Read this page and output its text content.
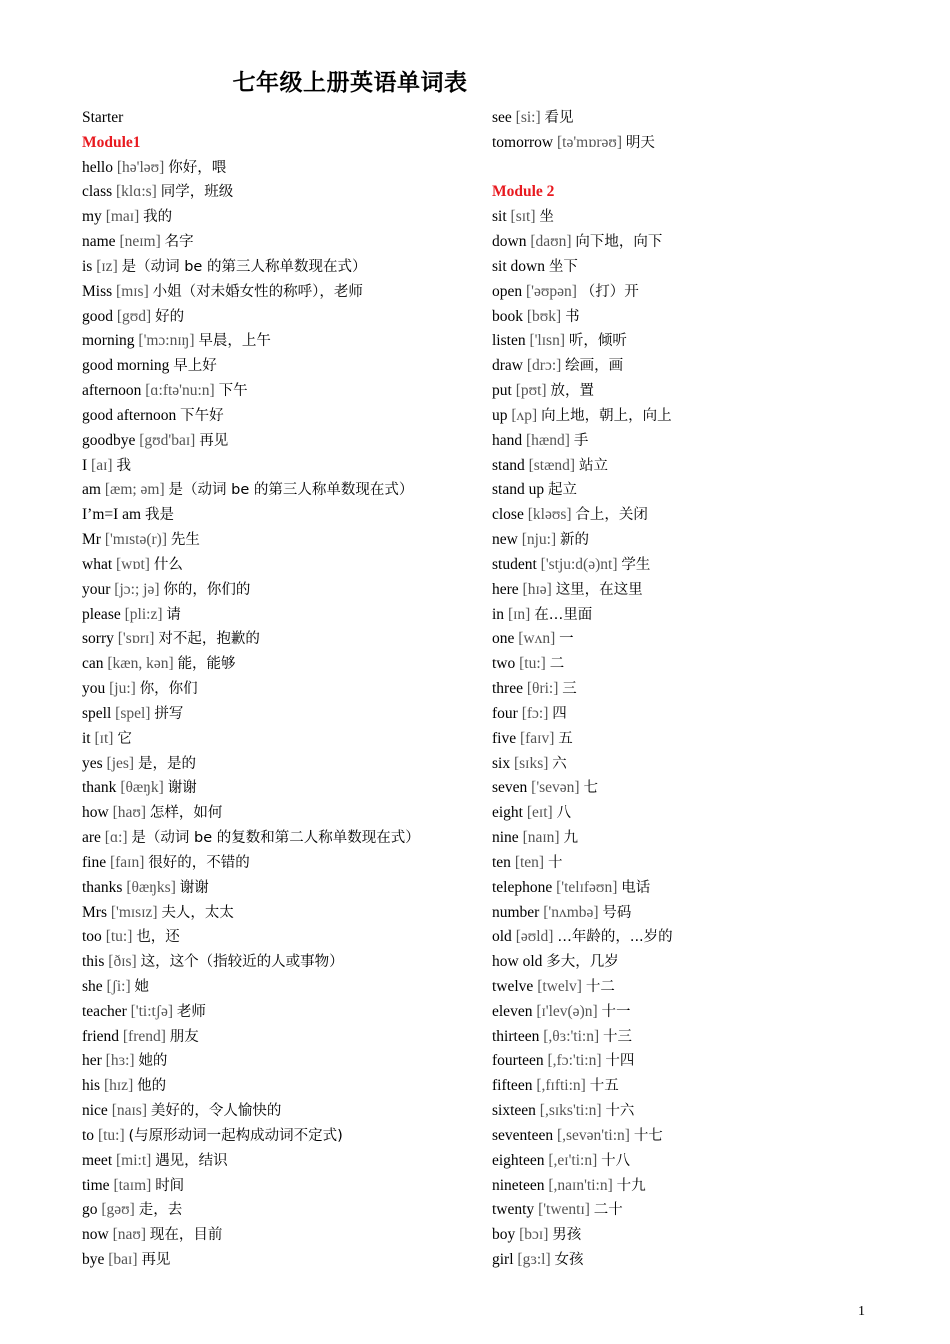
七年级上册英语单词表
Starter
Module1
hello [hə'ləʊ] 你好，喂
class [klɑ:s] 同学，班级
my [maɪ] 我的
name [neɪm] 名字
is [ɪz] 是（动词 be 的第三人称单数现在式）
Miss [mɪs] 小姐（对未婚女性的称呼），老师
good [gʊd] 好的
morning ['mɔ:nɪŋ] 早晨，上午
good morning 早上好
afternoon [ɑ:ftə'nu:n] 下午
good afternoon 下午好
goodbye [gʊd'baɪ] 再见
I [aɪ] 我
am [æm; əm] 是（动词 be 的第三人称单数现在式）
I’m=I am 我是
Mr ['mɪstə(r)] 先生
what [wɒt] 什么
your [jɔ:; jə] 你的，你们的
please [pli:z] 请
sorry ['sɒrɪ] 对不起，抱歉的
can [kæn, kən] 能，能够
you [ju:] 你，你们
spell [spel] 拼写
it [ɪt] 它
yes [jes] 是，是的
thank [θæŋk] 谢谢
how [haʊ] 怎样，如何
are [ɑ:] 是（动词 be 的复数和第二人称单数现在式）
fine [faɪn] 很好的，不错的
thanks [θæŋks] 谢谢
Mrs ['mɪsɪz] 夫人，太太
too [tu:] 也，还
this [ðɪs] 这，这个（指较近的人或事物）
she [ʃi:] 她
teacher ['ti:tʃə] 老师
friend [frend] 朋友
her [hɜ:] 她的
his [hɪz] 他的
nice [naɪs] 美好的，令人愉快的
to [tu:] (与原形动词一起构成动词不定式)
meet [mi:t] 遇见，结识
time [taɪm] 时间
go [gəʊ] 走，去
now [naʊ] 现在，目前
bye [baɪ] 再见
see [si:] 看见
tomorrow [tə'mɒrəʊ] 明天
Module 2
sit [sɪt] 坐
down [daʊn] 向下地，向下
sit down 坐下
open ['əʊpən] （打）开
book [bʊk] 书
listen ['lɪsn] 听，倾听
draw [drɔ:] 绘画，画
put [pʊt] 放，置
up [ʌp] 向上地，朝上，向上
hand [hænd] 手
stand [stænd] 站立
stand up 起立
close [kləʊs] 合上，关闭
new [nju:] 新的
student ['stju:d(ə)nt] 学生
here [hɪə] 这里，在这里
in [ɪn] 在…里面
one [wʌn] 一
two [tu:] 二
three [θri:] 三
four [fɔ:] 四
five [faɪv] 五
six [sɪks] 六
seven ['sevən] 七
eight [eɪt] 八
nine [naɪn] 九
ten [ten] 十
telephone ['telɪfəʊn] 电话
number ['nʌmbə] 号码
old [əʊld] …年龄的，...岁的
how old 多大，几岁
twelve [twelv] 十二
eleven [ɪ'lev(ə)n] 十一
thirteen [,θɜ:'ti:n] 十三
fourteen [,fɔ:'ti:n] 十四
fifteen [,fɪfti:n] 十五
sixteen [,sɪks'ti:n] 十六
seventeen [,sevən'ti:n] 十七
eighteen [,eɪ'ti:n] 十八
nineteen [,naɪn'ti:n] 十九
twenty ['twentɪ] 二十
boy [bɔɪ] 男孩
girl [gɜ:l] 女孩
1
